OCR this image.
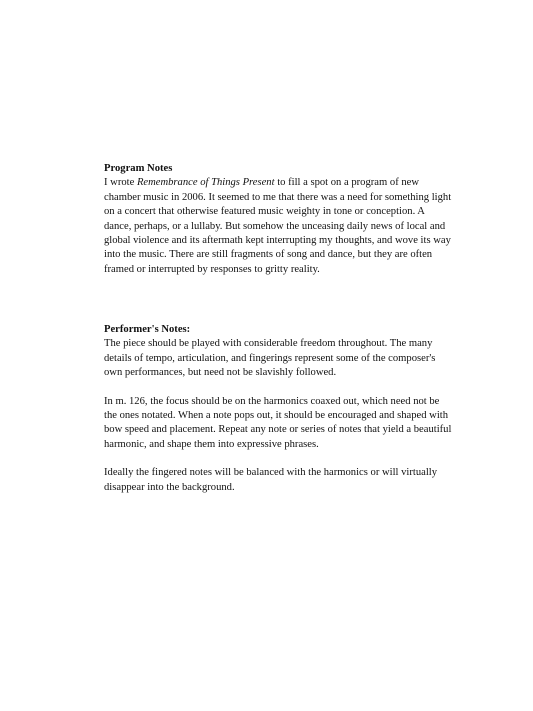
Program Notes

I wrote Remembrance of Things Present to fill a spot on a program of new
chamber music in 2006. It seemed to me that there was a need for something light
on a concert that otherwise featured music weighty in tone or conception. A
dance, perhaps, or a lullaby. But somehow the unceasing daily news of local and
global violence and its aftermath kept interrupting my thoughts, and wove its way
into the music. There are still fragments of song and dance, but they are often
framed or interrupted by responses to gritty reality.

Performer's Notes:

The piece should be played with considerable freedom throughout. The many
details of tempo, articulation, and fingerings represent some of the composer's
own performances, but need not be slavishly followed.

In m. 126, the focus should be on the harmonics coaxed out, which need not be
the ones notated. When a note pops out, it should be encouraged and shaped with
bow speed and placement. Repeat any note or series of notes that yield a beautiful
harmonic, and shape them into expressive phrases.

Ideally the fingered notes will be balanced with the harmonics or will virtually
disappear into the background.
